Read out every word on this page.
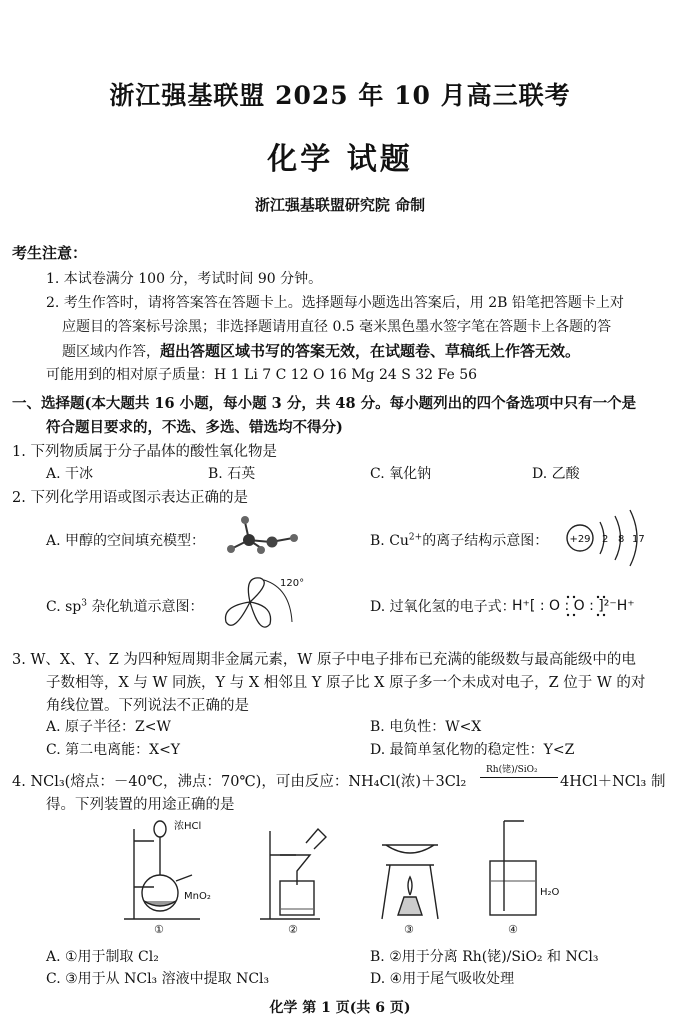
浙江强基联盟 2025 年 10 月高三联考
化学 试题
浙江强基联盟研究院 命制
考生注意：
1. 本试卷满分 100 分，考试时间 90 分钟。
2. 考生作答时，请将答案答在答题卡上。选择题每小题选出答案后，用 2B 铅笔把答题卡上对
应题目的答案标号涂黑；非选择题请用直径 0.5 毫米黑色墨水签字笔在答题卡上各题的答
题区域内作答，超出答题区域书写的答案无效，在试题卷、草稿纸上作答无效。
可能用到的相对原子质量：H 1 Li 7 C 12 O 16 Mg 24 S 32 Fe 56
一、选择题(本大题共 16 小题，每小题 3 分，共 48 分。每小题列出的四个备选项中只有一个是
符合题目要求的，不选、多选、错选均不得分)
1. 下列物质属于分子晶体的酸性氧化物是
A. 干冰	B. 石英	C. 氧化钠	D. 乙酸
2. 下列化学用语或图示表达正确的是
A. 甲醇的空间填充模型：	B. $Cu^{2+}$的离子结构示意图： +29 2 8 17
C. $sp^3$ 杂化轨道示意图：
120°
D. 过氧化氢的电子式：
H⁺[ : O : O : ]²⁻H⁺
3. W、X、Y、Z 为四种短周期非金属元素，W 原子中电子排布已充满的能级数与最高能级中的电
子数相等，X 与 W 同族，Y 与 X 相邻且 Y 原子比 X 原子多一个未成对电子，Z 位于 W 的对
角线位置。下列说法不正确的是
A. 原子半径：Z<W	B. 电负性：W<X
C. 第二电离能：X<Y	D. 最简单氢化物的稳定性：Y<Z
4. NCl₃(熔点：－40℃，沸点：70℃)，可由反应：NH₄Cl(浓)＋3Cl₂
Rh(铑)/SiO₂
4HCl＋NCl₃ 制
得。下列装置的用途正确的是
浓HCl
MnO₂	H₂O
①	②	③	④
A. ①用于制取 Cl₂	B. ②用于分离 Rh(铑)/SiO₂ 和 NCl₃
C. ③用于从 NCl₃ 溶液中提取 NCl₃	D. ④用于尾气吸收处理
化学 第 1 页(共 6 页)
